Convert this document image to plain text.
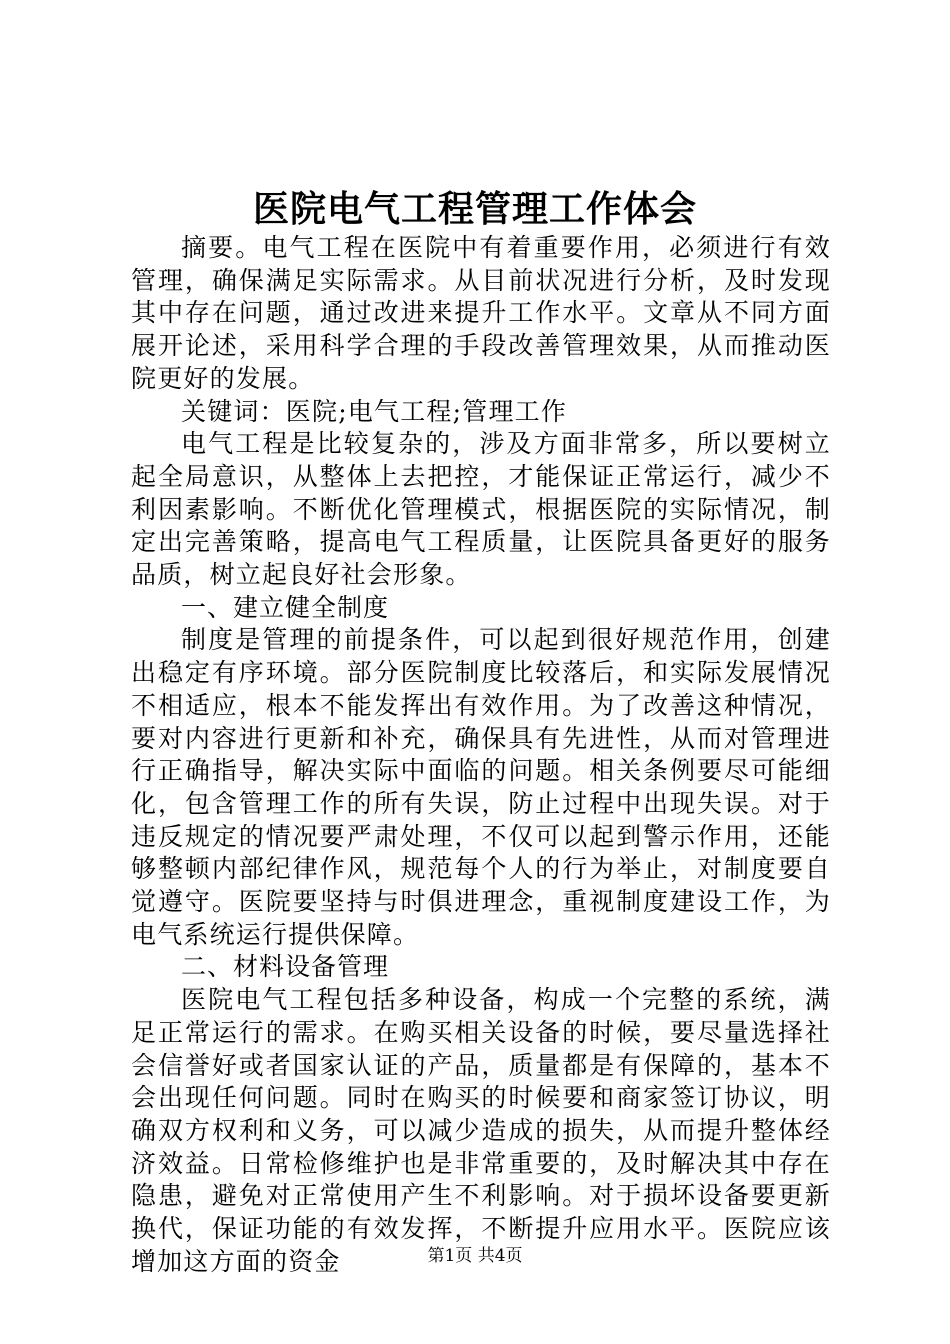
医院电气工程管理工作体会

摘要。电气工程在医院中有着重要作用，必须进行有效管理，确保满足实际需求。从目前状况进行分析，及时发现其中存在问题，通过改进来提升工作水平。文章从不同方面展开论述，采用科学合理的手段改善管理效果，从而推动医院更好的发展。

关键词：医院;电气工程;管理工作

电气工程是比较复杂的，涉及方面非常多，所以要树立起全局意识，从整体上去把控，才能保证正常运行，减少不利因素影响。不断优化管理模式，根据医院的实际情况，制定出完善策略，提高电气工程质量，让医院具备更好的服务品质，树立起良好社会形象。

一、建立健全制度

制度是管理的前提条件，可以起到很好规范作用，创建出稳定有序环境。部分医院制度比较落后，和实际发展情况不相适应，根本不能发挥出有效作用。为了改善这种情况，要对内容进行更新和补充，确保具有先进性，从而对管理进行正确指导，解决实际中面临的问题。相关条例要尽可能细化，包含管理工作的所有失误，防止过程中出现失误。对于违反规定的情况要严肃处理，不仅可以起到警示作用，还能够整顿内部纪律作风，规范每个人的行为举止，对制度要自觉遵守。医院要坚持与时俱进理念，重视制度建设工作，为电气系统运行提供保障。

二、材料设备管理

医院电气工程包括多种设备，构成一个完整的系统，满足正常运行的需求。在购买相关设备的时候，要尽量选择社会信誉好或者国家认证的产品，质量都是有保障的，基本不会出现任何问题。同时在购买的时候要和商家签订协议，明确双方权利和义务，可以减少造成的损失，从而提升整体经济效益。日常检修维护也是非常重要的，及时解决其中存在隐患，避免对正常使用产生不利影响。对于损坏设备要更新换代，保证功能的有效发挥，不断提升应用水平。医院应该增加这方面的资金	第1页 共4页
